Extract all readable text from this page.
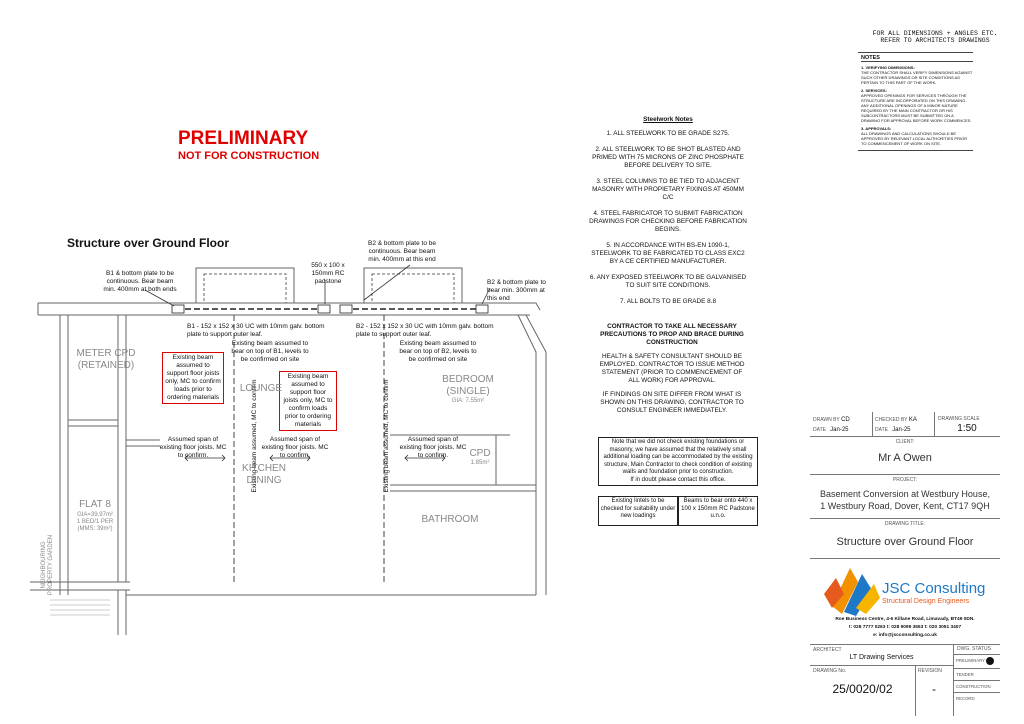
FOR ALL DIMENSIONS + ANGLES ETC.
REFER TO ARCHITECTS DRAWINGS
NOTES
1. VERIFYING DIMENSIONS:
THE CONTRACTOR SHALL VERIFY DIMENSIONS AGAINST SUCH OTHER DRAWINGS OR SITE CONDITIONS AS PERTAIN TO THIS PART OF THE WORK.
2. SERVICES:
APPROVED OPENINGS FOR SERVICES THROUGH THE STRUCTURE ARE INCORPORATED ON THIS DRAWING. ANY ADDITIONAL OPENINGS OF A MINOR NATURE REQUIRED BY THE MAIN CONTRACTOR OR HIS SUBCONTRACTORS MUST BE SUBMITTED ON A DRAWING FOR APPROVAL BEFORE WORK COMMENCES.
3. APPROVALS:
ALL DRAWINGS AND CALCULATIONS SHOULD BE APPROVED BY RELEVANT LOCAL AUTHORITIES PRIOR TO COMMENCEMENT OF WORK ON SITE.
PRELIMINARY
NOT FOR CONSTRUCTION
Structure over Ground Floor
Steelwork Notes
1. ALL STEELWORK TO BE GRADE S275.
2. ALL STEELWORK TO BE SHOT BLASTED AND PRIMED WITH 75 MICRONS OF ZINC PHOSPHATE BEFORE DELIVERY TO SITE.
3. STEEL COLUMNS TO BE TIED TO ADJACENT MASONRY WITH PROPIETARY FIXINGS AT 450MM C/C
4. STEEL FABRICATOR TO SUBMIT FABRICATION DRAWINGS FOR CHECKING BEFORE FABRICATION BEGINS.
5. IN ACCORDANCE WITH BS-EN 1090-1, STEELWORK TO BE FABRICATED TO CLASS EXC2 BY A CE CERTIFIED MANUFACTURER.
6. ANY EXPOSED STEELWORK TO BE GALVANISED TO SUIT SITE CONDITIONS.
7. ALL BOLTS TO BE GRADE 8.8
CONTRACTOR TO TAKE ALL NECESSARY PRECAUTIONS TO PROP AND BRACE DURING CONSTRUCTION
HEALTH & SAFETY CONSULTANT SHOULD BE EMPLOYED. CONTRACTOR TO ISSUE METHOD STATEMENT (PRIOR TO COMMENCEMENT OF ALL WORK) FOR APPROVAL.
IF FINDINGS ON SITE DIFFER FROM WHAT IS SHOWN ON THIS DRAWING, CONTRACTOR TO CONSULT ENGINEER IMMEDIATELY.
Note that we did not check existing foundations or masonry, we have assumed that the relatively small additional loading can be accommodated by the existing structure, Main Contractor to check condition of existing walls and foundation prior to construction.
If in doubt please contact this office.
Existing lintels to be checked for suitability under new loadings
Beams to bear onto 440 x 100 x 150mm RC Padstone u.n.o.
B1 & bottom plate to be continuous. Bear beam min. 400mm at both ends
550 x 100 x 150mm RC padstone
B2 & bottom plate to be continuous. Bear beam min. 400mm at this end
B2 & bottom plate to bear min. 300mm at this end
B1 - 152 x 152 x 30 UC with 10mm galv. bottom plate to support outer leaf.
B2 - 152 x 152 x 30 UC with 10mm galv. bottom plate to support outer leaf.
Existing beam assumed to bear on top of B1, levels to be confirmed on site
Existing beam assumed to bear on top of B2, levels to be confirmed on site
Existing beam assumed to support floor joists only, MC to confirm loads prior to ordering materials
Existing beam assumed to support floor joists only, MC to confirm loads prior to ordering materials
Assumed span of existing floor joists. MC to confirm.
Assumed span of existing floor joists. MC to confirm.
Assumed span of existing floor joists. MC to confirm.
Existing beam assumed, MC to confirm	Existing beam assumed, MC to confirm
METER CPD (RETAINED)
LOUNGE
KITCHEN DINING
BEDROOM (SINGLE)
GIA: 7.55m²
CPD
1.85m²
FLAT 8
GIA=39.97m²
1 BED/1 PER
(MMS: 39m²)
BATHROOM
NEIGHBOURING PROPERTY GARDEN
DRAWN BY CD
DATE Jan-25
CHECKED BY KA
DATE Jan-25
DRAWING SCALE
1:50
CLIENT:
Mr A Owen
PROJECT:
Basement Conversion at Westbury House,
1 Westbury Road, Dover, Kent, CT17 9QH
DRAWING TITLE:
Structure over Ground Floor
JSC Consulting
Structural Design Engineers
Roe Business Centre, 4-6 Killane Road, Limavady, BT49 0DN.
t: 028 7777 0263 t: 028 9099 3553 t: 020 3051 3407
e: info@jscconsulting.co.uk
ARCHITECT
LT Drawing Services
DRAWING No.	REVISION
25/0020/02	-
DWG. STATUS
PRELIMINARY
TENDER
CONSTRUCTION
RECORD
